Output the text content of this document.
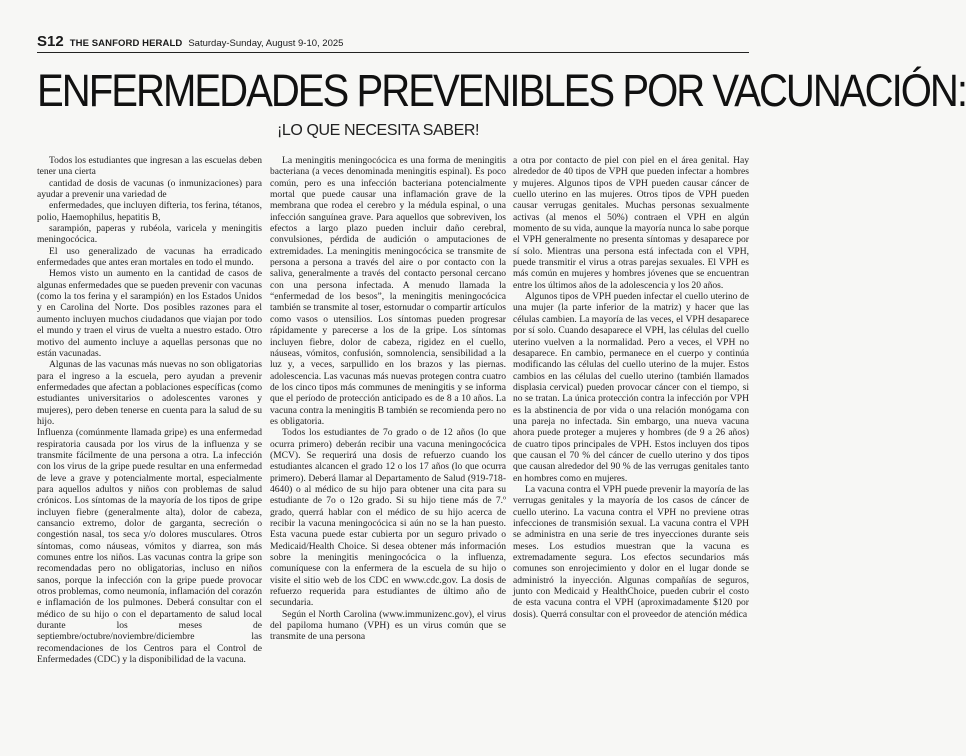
S12 THE SANFORD HERALD Saturday-Sunday, August 9-10, 2025
ENFERMEDADES PREVENIBLES POR VACUNACIÓN:
¡LO QUE NECESITA SABER!

Todos los estudiantes que ingresan a las escuelas deben tener una cierta

cantidad de dosis de vacunas (o inmunizaciones) para ayudar a prevenir una variedad de

enfermedades, que incluyen difteria, tos ferina, tétanos, polio, Haemophilus, hepatitis B,

sarampión, paperas y rubéola, varicela y meningitis meningocócica.

El uso generalizado de vacunas ha erradicado enfermedades que antes eran mortales en todo el mundo.

Hemos visto un aumento en la cantidad de casos de algunas enfermedades que se pueden prevenir con vacunas (como la tos ferina y el sarampión) en los Estados Unidos y en Carolina del Norte. Dos posibles razones para el aumento incluyen muchos ciudadanos que viajan por todo el mundo y traen el virus de vuelta a nuestro estado. Otro motivo del aumento incluye a aquellas personas que no están vacunadas.

Algunas de las vacunas más nuevas no son obligatorias para el ingreso a la escuela, pero ayudan a prevenir enfermedades que afectan a poblaciones específicas (como estudiantes universitarios o adolescentes varones y mujeres), pero deben tenerse en cuenta para la salud de su hijo.

Influenza (comúnmente llamada gripe) es una enfermedad respiratoria causada por los virus de la influenza y se transmite fácilmente de una persona a otra. La infección con los virus de la gripe puede resultar en una enfermedad de leve a grave y potencialmente mortal, especialmente para aquellos adultos y niños con problemas de salud crónicos. Los síntomas de la mayoría de los tipos de gripe incluyen fiebre (generalmente alta), dolor de cabeza, cansancio extremo, dolor de garganta, secreción o congestión nasal, tos seca y/o dolores musculares. Otros síntomas, como náuseas, vómitos y diarrea, son más comunes entre los niños. Las vacunas contra la gripe son recomendadas pero no obligatorias, incluso en niños sanos, porque la infección con la gripe puede provocar otros problemas, como neumonía, inflamación del corazón e inflamación de los pulmones. Deberá consultar con el médico de su hijo o con el departamento de salud local durante los meses de septiembre/octubre/noviembre/diciembre las recomendaciones de los Centros para el Control de Enfermedades (CDC) y la disponibilidad de la vacuna.

La meningitis meningocócica es una forma de meningitis bacteriana (a veces denominada meningitis espinal). Es poco común, pero es una infección bacteriana potencialmente mortal que puede causar una inflamación grave de la membrana que rodea el cerebro y la médula espinal, o una infección sanguínea grave. Para aquellos que sobreviven, los efectos a largo plazo pueden incluir daño cerebral, convulsiones, pérdida de audición o amputaciones de extremidades. La meningitis meningocócica se transmite de persona a persona a través del aire o por contacto con la saliva, generalmente a través del contacto personal cercano con una persona infectada. A menudo llamada la “enfermedad de los besos”, la meningitis meningocócica también se transmite al toser, estornudar o compartir artículos como vasos o utensilios. Los síntomas pueden progresar rápidamente y parecerse a los de la gripe. Los síntomas incluyen fiebre, dolor de cabeza, rigidez en el cuello, náuseas, vómitos, confusión, somnolencia, sensibilidad a la luz y, a veces, sarpullido en los brazos y las piernas. adolescencia. Las vacunas más nuevas protegen contra cuatro de los cinco tipos más communes de meningitis y se informa que el período de protección anticipado es de 8 a 10 años. La vacuna contra la meningitis B también se recomienda pero no es obligatoria.

Todos los estudiantes de 7o grado o de 12 años (lo que ocurra primero) deberán recibir una vacuna meningocócica (MCV). Se requerirá una dosis de refuerzo cuando los estudiantes alcancen el grado 12 o los 17 años (lo que ocurra primero). Deberá llamar al Departamento de Salud (919-718-4640) o al médico de su hijo para obtener una cita para su estudiante de 7o o 12o grado. Si su hijo tiene más de 7.º grado, querrá hablar con el médico de su hijo acerca de recibir la vacuna meningocócica si aún no se la han puesto. Esta vacuna puede estar cubierta por un seguro privado o Medicaid/Health Choice. Si desea obtener más información sobre la meningitis meningocócica o la influenza, comuníquese con la enfermera de la escuela de su hijo o visite el sitio web de los CDC en www.cdc.gov. La dosis de refuerzo requerida para estudiantes de último año de secundaria.

Según el North Carolina (www.immunizenc.gov), el virus del papiloma humano (VPH) es un virus común que se transmite de una persona

a otra por contacto de piel con piel en el área genital. Hay alrededor de 40 tipos de VPH que pueden infectar a hombres y mujeres. Algunos tipos de VPH pueden causar cáncer de cuello uterino en las mujeres. Otros tipos de VPH pueden causar verrugas genitales. Muchas personas sexualmente activas (al menos el 50%) contraen el VPH en algún momento de su vida, aunque la mayoría nunca lo sabe porque el VPH generalmente no presenta síntomas y desaparece por sí solo. Mientras una persona está infectada con el VPH, puede transmitir el virus a otras parejas sexuales. El VPH es más común en mujeres y hombres jóvenes que se encuentran entre los últimos años de la adolescencia y los 20 años.

Algunos tipos de VPH pueden infectar el cuello uterino de una mujer (la parte inferior de la matriz) y hacer que las células cambien. La mayoría de las veces, el VPH desaparece por sí solo. Cuando desaparece el VPH, las células del cuello uterino vuelven a la normalidad. Pero a veces, el VPH no desaparece. En cambio, permanece en el cuerpo y continúa modificando las células del cuello uterino de la mujer. Estos cambios en las células del cuello uterino (también llamados displasia cervical) pueden provocar cáncer con el tiempo, si no se tratan. La única protección contra la infección por VPH es la abstinencia de por vida o una relación monógama con una pareja no infectada. Sin embargo, una nueva vacuna ahora puede proteger a mujeres y hombres (de 9 a 26 años) de cuatro tipos principales de VPH. Estos incluyen dos tipos que causan el 70 % del cáncer de cuello uterino y dos tipos que causan alrededor del 90 % de las verrugas genitales tanto en hombres como en mujeres.

La vacuna contra el VPH puede prevenir la mayoría de las verrugas genitales y la mayoría de los casos de cáncer de cuello uterino. La vacuna contra el VPH no previene otras infecciones de transmisión sexual. La vacuna contra el VPH se administra en una serie de tres inyecciones durante seis meses. Los estudios muestran que la vacuna es extremadamente segura. Los efectos secundarios más comunes son enrojecimiento y dolor en el lugar donde se administró la inyección. Algunas compañías de seguros, junto con Medicaid y HealthChoice, pueden cubrir el costo de esta vacuna contra el VPH (aproximadamente $120 por dosis). Querrá consultar con el proveedor de atención médica
